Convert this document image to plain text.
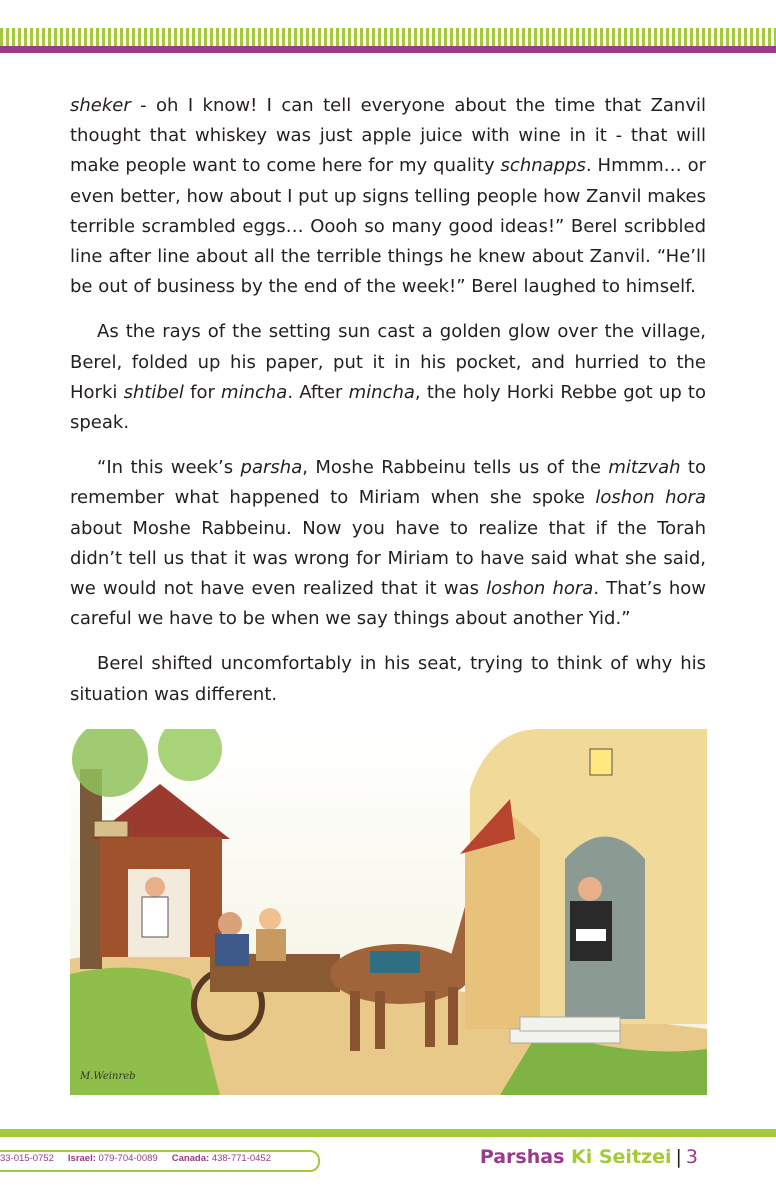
sheker - oh I know! I can tell everyone about the time that Zanvil thought that whiskey was just apple juice with wine in it - that will make people want to come here for my quality schnapps. Hmmm… or even better, how about I put up signs telling people how Zanvil makes terrible scrambled eggs… Oooh so many good ideas!” Berel scribbled line after line about all the terrible things he knew about Zanvil. “He’ll be out of business by the end of the week!” Berel laughed to himself.

As the rays of the setting sun cast a golden glow over the village, Berel, folded up his paper, put it in his pocket, and hurried to the Horki shtibel for mincha. After mincha, the holy Horki Rebbe got up to speak.

“In this week’s parsha, Moshe Rabbeinu tells us of the mitzvah to remember what happened to Miriam when she spoke loshon hora about Moshe Rabbeinu. Now you have to realize that if the Torah didn’t tell us that it was wrong for Miriam to have said what she said, we would not have even realized that it was loshon hora. That’s how careful we have to be when we say things about another Yid.”

Berel shifted uncomfortably in his seat, trying to think of why his situation was different.

M.Weinreb
33-015-0752 Israel: 079-704-0089 Canada: 438-771-0452	Parshas Ki Seitzei | 3
